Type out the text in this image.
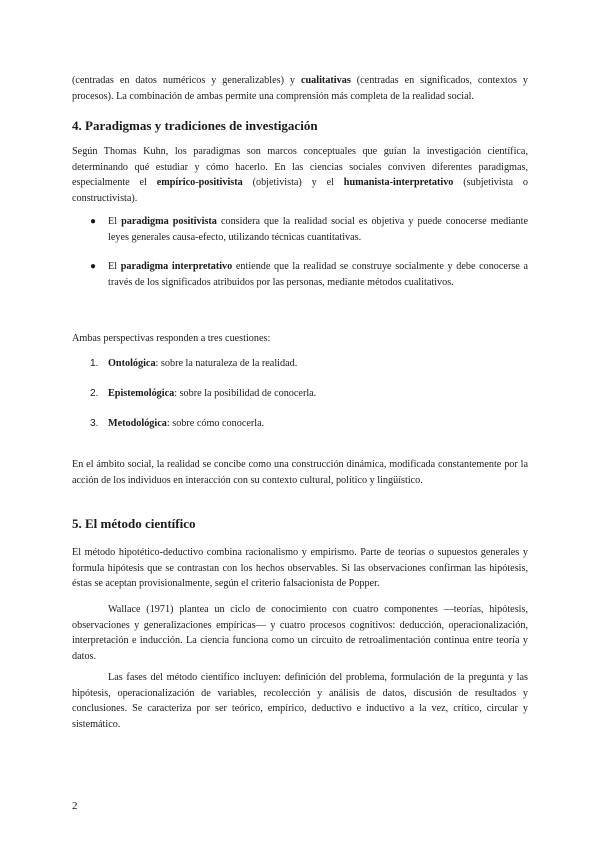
(centradas en datos numéricos y generalizables) y cualitativas (centradas en significados, contextos y procesos). La combinación de ambas permite una comprensión más completa de la realidad social.

4. Paradigmas y tradiciones de investigación

Según Thomas Kuhn, los paradigmas son marcos conceptuales que guían la investigación científica, determinando qué estudiar y cómo hacerlo. En las ciencias sociales conviven diferentes paradigmas, especialmente el empírico-positivista (objetivista) y el humanista-interpretativo (subjetivista o constructivista).

● El paradigma positivista considera que la realidad social es objetiva y puede conocerse mediante leyes generales causa-efecto, utilizando técnicas cuantitativas.

● El paradigma interpretativo entiende que la realidad se construye socialmente y debe conocerse a través de los significados atribuidos por las personas, mediante métodos cualitativos.

Ambas perspectivas responden a tres cuestiones:

1. Ontológica: sobre la naturaleza de la realidad.

2. Epistemológica: sobre la posibilidad de conocerla.

3. Metodológica: sobre cómo conocerla.

En el ámbito social, la realidad se concibe como una construcción dinámica, modificada constantemente por la acción de los individuos en interacción con su contexto cultural, político y lingüístico.

5. El método científico

El método hipotético-deductivo combina racionalismo y empirismo. Parte de teorías o supuestos generales y formula hipótesis que se contrastan con los hechos observables. Si las observaciones confirman las hipótesis, éstas se aceptan provisionalmente, según el criterio falsacionista de Popper.

Wallace (1971) plantea un ciclo de conocimiento con cuatro componentes —teorías, hipótesis, observaciones y generalizaciones empíricas— y cuatro procesos cognitivos: deducción, operacionalización, interpretación e inducción. La ciencia funciona como un circuito de retroalimentación continua entre teoría y datos.

Las fases del método científico incluyen: definición del problema, formulación de la pregunta y las hipótesis, operacionalización de variables, recolección y análisis de datos, discusión de resultados y conclusiones. Se caracteriza por ser teórico, empírico, deductivo e inductivo a la vez, crítico, circular y sistemático.

2
